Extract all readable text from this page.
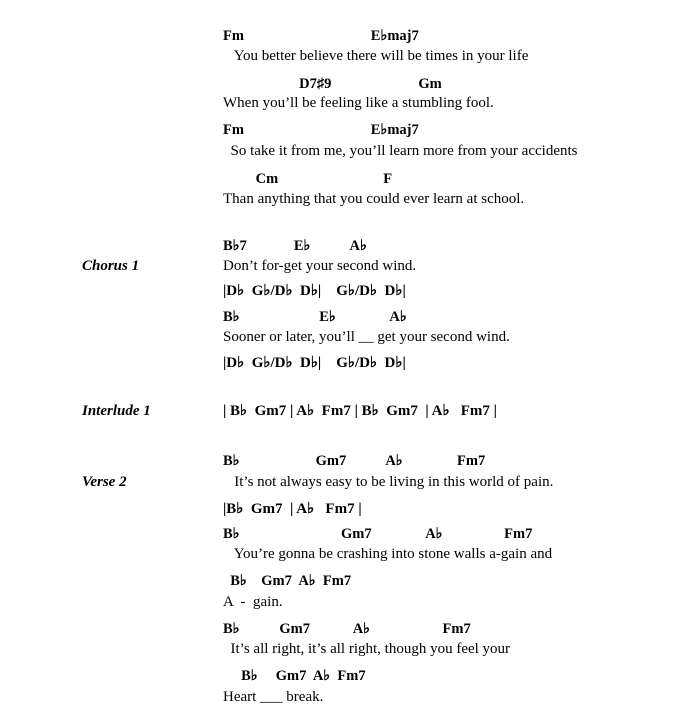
Fm                                   E♭maj7
You better believe there will be times in your life
D7♯9                        Gm
When you’ll be feeling like a stumbling fool.
Fm                                   E♭maj7
So take it from me, you’ll learn more from your accidents
Cm                             F
Than anything that you could ever learn at school.
Chorus 1
B♭7             E♭           A♭
Don’t for-get your second wind.
|D♭  G♭/D♭  D♭|    G♭/D♭  D♭|
B♭                      E♭               A♭
Sooner or later, you’ll __ get your second wind.
|D♭  G♭/D♭  D♭|    G♭/D♭  D♭|
Interlude 1	| B♭  Gm7 | A♭  Fm7 | B♭  Gm7  | A♭   Fm7 |
Verse 2
B♭                     Gm7           A♭               Fm7
It’s not always easy to be living in this world of pain.
|B♭  Gm7  | A♭   Fm7 |
B♭                            Gm7               A♭                 Fm7
You’re gonna be crashing into stone walls a-gain and
B♭    Gm7  A♭  Fm7
A  -  gain.
B♭           Gm7            A♭                    Fm7
It’s all right, it’s all right, though you feel your
B♭     Gm7  A♭  Fm7
Heart ___ break.
